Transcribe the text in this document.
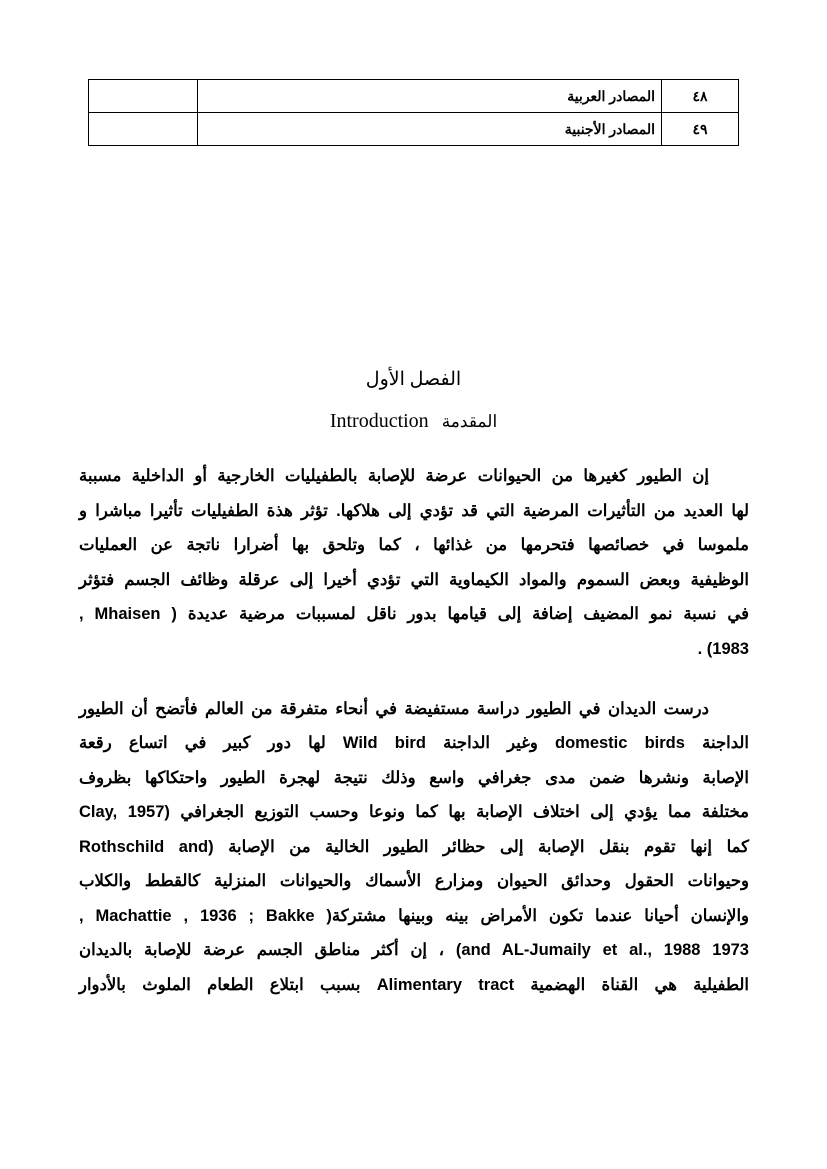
	المصادر العربية	٤٨
	المصادر الأجنبية	٤٩
الفصل الأول
Introduction المقدمة
إن الطيور كغيرها من الحيوانات عرضة للإصابة بالطفيليات الخارجية أو الداخلية مسببة
لها العديد من التأثيرات المرضية التي قد تؤدي إلى هلاكها. تؤثر هذة الطفيليات تأثيرا مباشرا و
ملموسا في خصائصها فتحرمها من غذائها ، كما وتلحق بها أضرارا ناتجة عن العمليات
الوظيفية وبعض السموم والمواد الكيماوية التي تؤدي أخيرا إلى عرقلة وظائف الجسم فتؤثر
في نسبة نمو المضيف إضافة إلى قيامها بدور ناقل لمسببات مرضية عديدة ( Mhaisen ,
1983) .
درست الديدان في الطيور دراسة مستفيضة في أنحاء متفرقة من العالم فأتضح أن الطيور
الداجنة domestic birds وغير الداجنة Wild bird لها دور كبير في اتساع رقعة
الإصابة ونشرها ضمن مدى جغرافي واسع وذلك نتيجة لهجرة الطيور واحتكاكها بظروف
مختلفة مما يؤدي إلى اختلاف الإصابة بها كما ونوعا وحسب التوزيع الجغرافي (Clay, 1957
كما إنها تقوم بنقل الإصابة إلى حظائر الطيور الخالية من الإصابة (Rothschild and
وحيوانات الحقول وحدائق الحيوان ومزارع الأسماك والحيوانات المنزلية كالقطط والكلاب
والإنسان أحيانا عندما تكون الأمراض بينه وبينها مشتركة( Machattie , 1936 ; Bakke ,
1973 and AL-Jumaily et al., 1988) ، إن أكثر مناطق الجسم عرضة للإصابة بالديدان
الطفيلية هي القناة الهضمية Alimentary tract بسبب ابتلاع الطعام الملوث بالأدوار
